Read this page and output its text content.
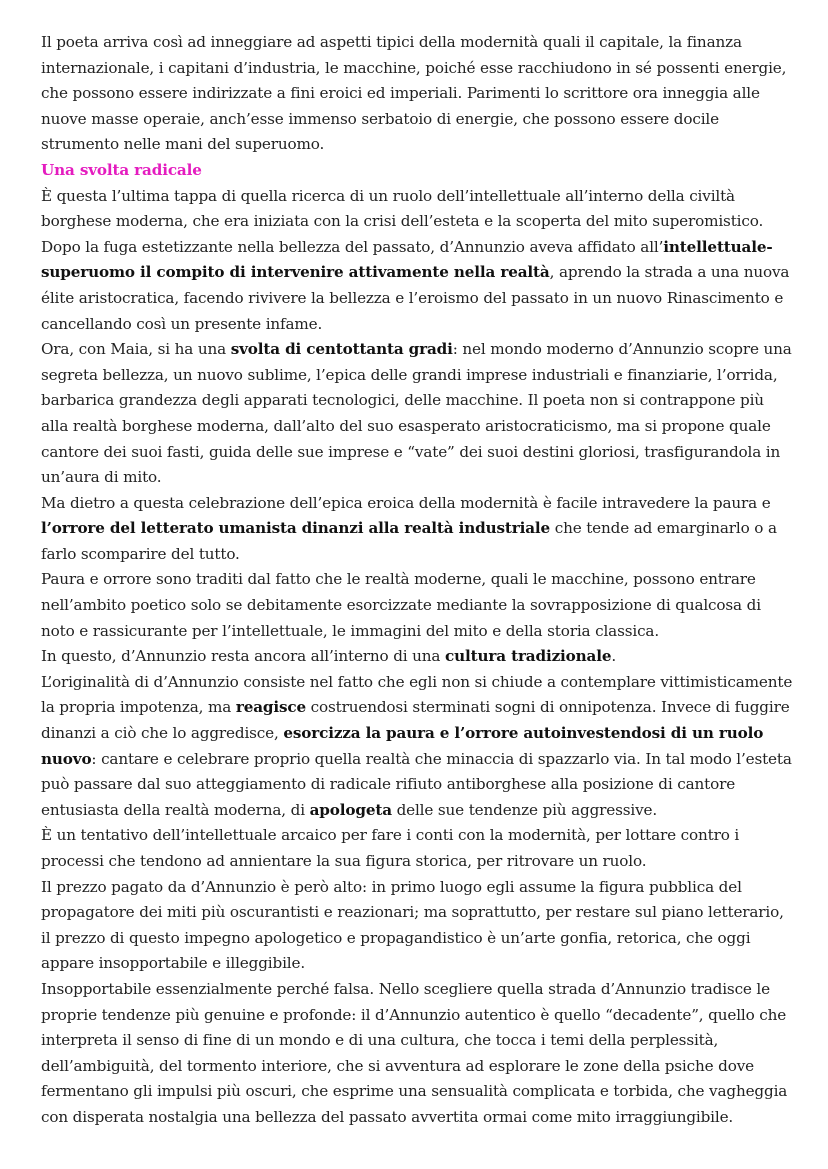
Il poeta arriva così ad inneggiare ad aspetti tipici della modernità quali il capitale, la finanza internazionale, i capitani d’industria, le macchine, poiché esse racchiudono in sé possenti energie, che possono essere indirizzate a fini eroici ed imperiali. Parimenti lo scrittore ora inneggia alle nuove masse operaie, anch’esse immenso serbatoio di energie, che possono essere docile strumento nelle mani del superuomo.

Una svolta radicale

È questa l’ultima tappa di quella ricerca di un ruolo dell’intellettuale all’interno della civiltà borghese moderna, che era iniziata con la crisi dell’esteta e la scoperta del mito superomistico. Dopo la fuga estetizzante nella bellezza del passato, d’Annunzio aveva affidato all’intellettuale-superuomo il compito di intervenire attivamente nella realtà, aprendo la strada a una nuova élite aristocratica, facendo rivivere la bellezza e l’eroismo del passato in un nuovo Rinascimento e cancellando così un presente infame.

Ora, con Maia, si ha una svolta di centottanta gradi: nel mondo moderno d’Annunzio scopre una segreta bellezza, un nuovo sublime, l’epica delle grandi imprese industriali e finanziarie, l’orrida, barbarica grandezza degli apparati tecnologici, delle macchine. Il poeta non si contrappone più alla realtà borghese moderna, dall’alto del suo esasperato aristocraticismo, ma si propone quale cantore dei suoi fasti, guida delle sue imprese e “vate” dei suoi destini gloriosi, trasfigurandola in un’aura di mito.

Ma dietro a questa celebrazione dell’epica eroica della modernità è facile intravedere la paura e l’orrore del letterato umanista dinanzi alla realtà industriale che tende ad emarginarlo o a farlo scomparire del tutto.

Paura e orrore sono traditi dal fatto che le realtà moderne, quali le macchine, possono entrare nell’ambito poetico solo se debitamente esorcizzate mediante la sovrapposizione di qualcosa di noto e rassicurante per l’intellettuale, le immagini del mito e della storia classica.

In questo, d’Annunzio resta ancora all’interno di una cultura tradizionale.

L’originalità di d’Annunzio consiste nel fatto che egli non si chiude a contemplare vittimisticamente la propria impotenza, ma reagisce costruendosi sterminati sogni di onnipotenza. Invece di fuggire dinanzi a ciò che lo aggredisce, esorcizza la paura e l’orrore autoinvestendosi di un ruolo nuovo: cantare e celebrare proprio quella realtà che minaccia di spazzarlo via. In tal modo l’esteta può passare dal suo atteggiamento di radicale rifiuto antiborghese alla posizione di cantore entusiasta della realtà moderna, di apologeta delle sue tendenze più aggressive.

È un tentativo dell’intellettuale arcaico per fare i conti con la modernità, per lottare contro i processi che tendono ad annientare la sua figura storica, per ritrovare un ruolo.

Il prezzo pagato da d’Annunzio è però alto: in primo luogo egli assume la figura pubblica del propagatore dei miti più oscurantisti e reazionari; ma soprattutto, per restare sul piano letterario, il prezzo di questo impegno apologetico e propagandistico è un’arte gonfia, retorica, che oggi appare insopportabile e illeggibile.

Insopportabile essenzialmente perché falsa. Nello scegliere quella strada d’Annunzio tradisce le proprie tendenze più genuine e profonde: il d’Annunzio autentico è quello “decadente”, quello che interpreta il senso di fine di un mondo e di una cultura, che tocca i temi della perplessità, dell’ambiguità, del tormento interiore, che si avventura ad esplorare le zone della psiche dove fermentano gli impulsi più oscuri, che esprime una sensualità complicata e torbida, che vagheggia con disperata nostalgia una bellezza del passato avvertita ormai come mito irraggiungibile.
